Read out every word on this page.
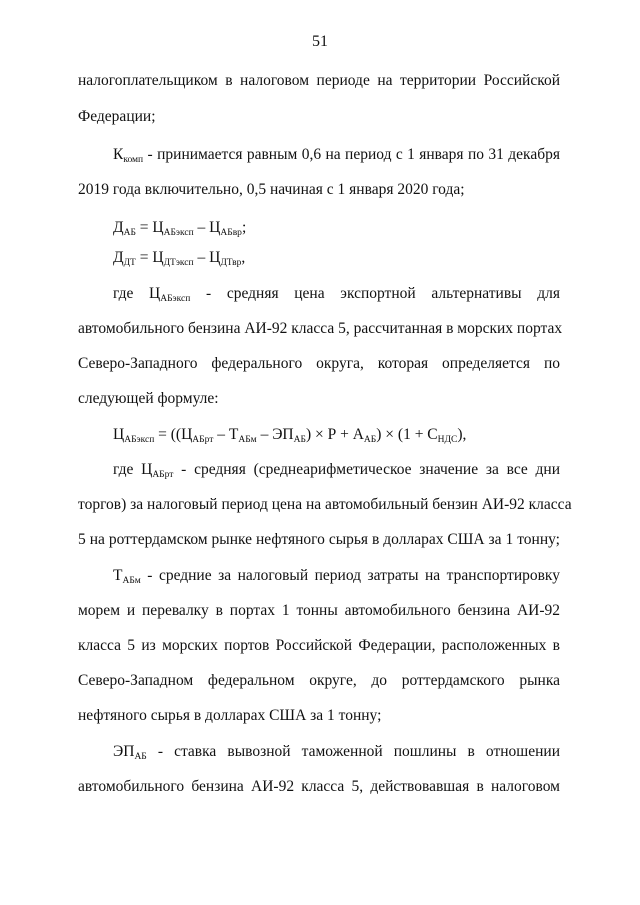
51
налогоплательщиком в налоговом периоде на территории Российской
Федерации;
$К_{комп}$ - принимается равным 0,6 на период с 1 января по 31 декабря
2019 года включительно, 0,5 начиная с 1 января 2020 года;
$Д_{АБ} = Ц_{АБэксп} - Ц_{АБвр}$;
$Д_{ДТ} = Ц_{ДТэксп} - Ц_{ДТвр}$,
где $Ц_{АБэксп}$ - средняя цена экспортной альтернативы для
автомобильного бензина АИ-92 класса 5, рассчитанная в морских портах
Северо-Западного федерального округа, которая определяется по
следующей формуле:
$Ц_{АБэксп} = ((Ц_{АБрт} - Т_{АБм} - ЭП_{АБ}) \times Р + А_{АБ}) \times (1 + С_{НДС})$,
где $Ц_{АБрт}$ - средняя (среднеарифметическое значение за все дни
торгов) за налоговый период цена на автомобильный бензин АИ-92 класса
5 на роттердамском рынке нефтяного сырья в долларах США за 1 тонну;
$Т_{АБм}$ - средние за налоговый период затраты на транспортировку
морем и перевалку в портах 1 тонны автомобильного бензина АИ-92
класса 5 из морских портов Российской Федерации, расположенных в
Северо-Западном федеральном округе, до роттердамского рынка
нефтяного сырья в долларах США за 1 тонну;
$ЭП_{АБ}$ - ставка вывозной таможенной пошлины в отношении
автомобильного бензина АИ-92 класса 5, действовавшая в налоговом
